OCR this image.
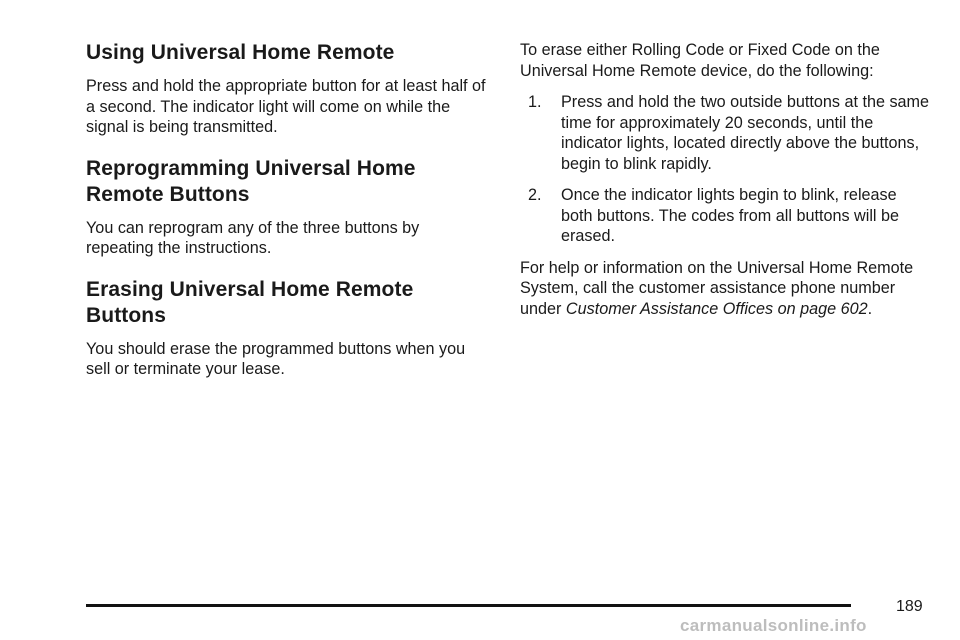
Using Universal Home Remote

Press and hold the appropriate button for at least half of a second. The indicator light will come on while the signal is being transmitted.

Reprogramming Universal Home Remote Buttons

You can reprogram any of the three buttons by repeating the instructions.

Erasing Universal Home Remote Buttons

You should erase the programmed buttons when you sell or terminate your lease.

To erase either Rolling Code or Fixed Code on the Universal Home Remote device, do the following:

1. Press and hold the two outside buttons at the same time for approximately 20 seconds, until the indicator lights, located directly above the buttons, begin to blink rapidly.
2. Once the indicator lights begin to blink, release both buttons. The codes from all buttons will be erased.

For help or information on the Universal Home Remote System, call the customer assistance phone number under Customer Assistance Offices on page 602.

189
carmanualsonline.info
